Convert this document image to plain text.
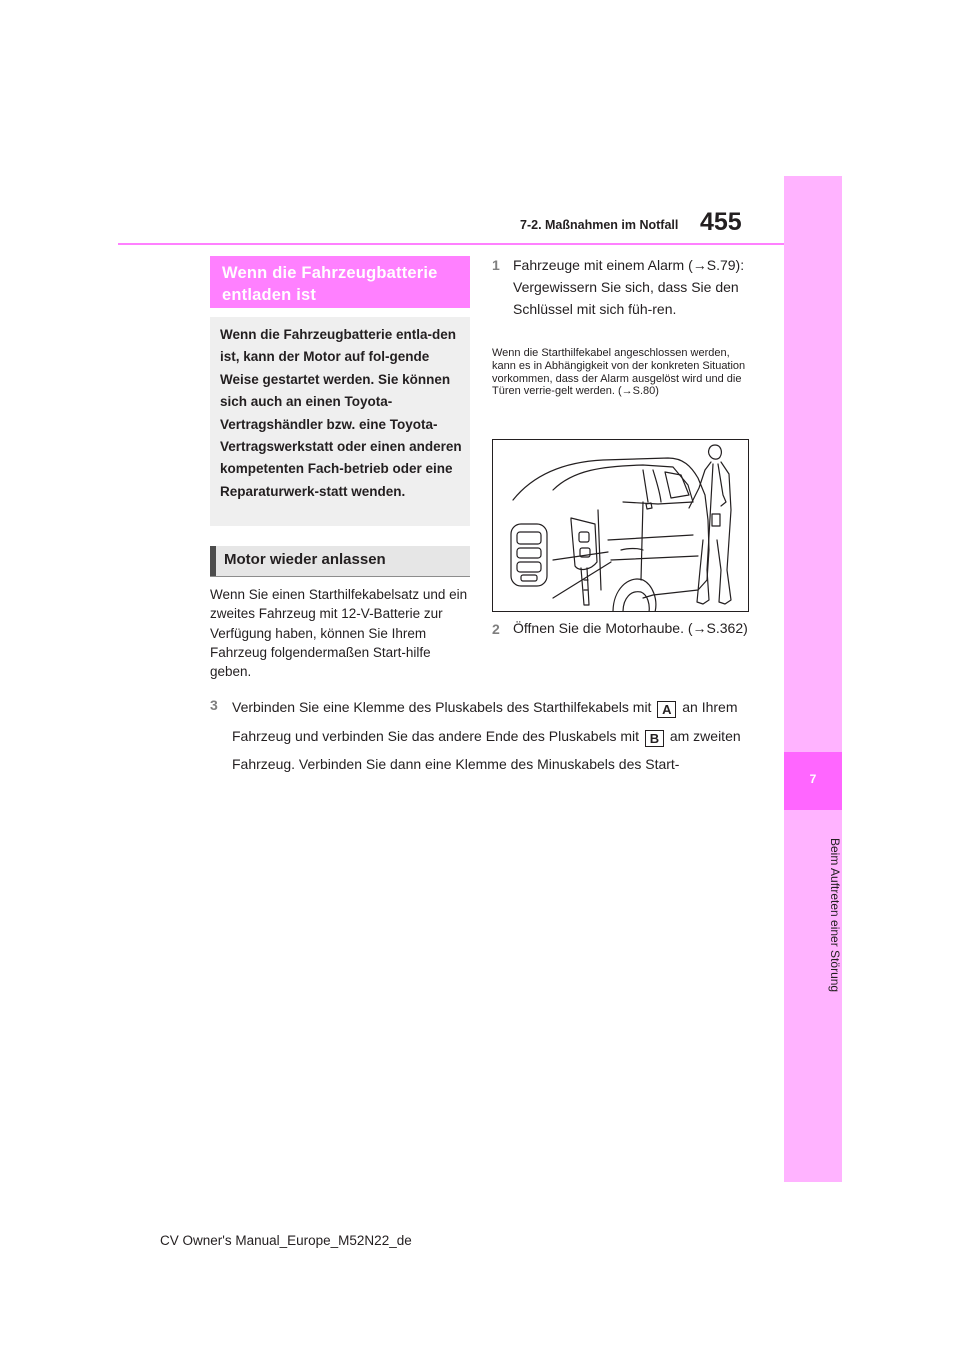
7-2. Maßnahmen im Notfall 455
7
Beim Auftreten einer Störung
Wenn die Fahrzeugbatterie entladen ist
Wenn die Fahrzeugbatterie entla-den ist, kann der Motor auf fol-gende Weise gestartet werden. Sie können sich auch an einen Toyota-Vertragshändler bzw. eine Toyota-Vertragswerkstatt oder einen anderen kompetenten Fach-betrieb oder eine Reparaturwerk-statt wenden.
Motor wieder anlassen
Wenn Sie einen Starthilfekabelsatz und ein zweites Fahrzeug mit 12-V-Batterie zur Verfügung haben, können Sie Ihrem Fahrzeug folgendermaßen Start-hilfe geben.
1 Fahrzeuge mit einem Alarm (→S.79): Vergewissern Sie sich, dass Sie den Schlüssel mit sich füh-ren.
Wenn die Starthilfekabel angeschlossen werden, kann es in Abhängigkeit von der konkreten Situation vorkommen, dass der Alarm ausgelöst wird und die Türen verrie-gelt werden. (→S.80)
2 Öffnen Sie die Motorhaube. (→S.362)
3 Verbinden Sie eine Klemme des Pluskabels des Starthilfekabels mit A an Ihrem Fahrzeug und verbinden Sie das andere Ende des Pluskabels mit B am zweiten Fahrzeug. Verbinden Sie dann eine Klemme des Minuskabels des Start-
CV Owner's Manual_Europe_M52N22_de
